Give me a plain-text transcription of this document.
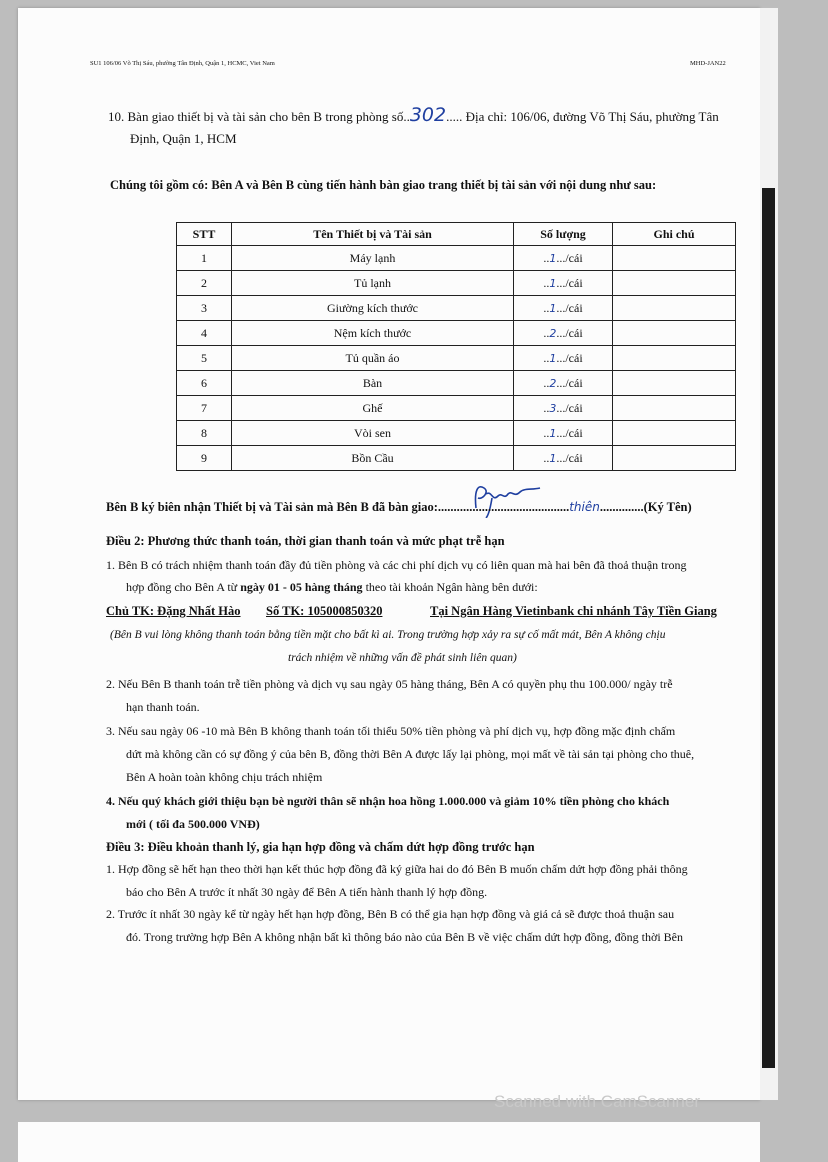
SU1 106/06 Võ Thị Sáu, phường Tân Định, Quận 1, HCMC, Viet Nam	MHD-JAN22
10. Bàn giao thiết bị và tài sản cho bên B trong phòng số..302..... Địa chỉ: 106/06, đường Võ Thị Sáu, phường Tân
Định, Quận 1, HCM
Chúng tôi gồm có: Bên A và Bên B cùng tiến hành bàn giao trang thiết bị tài sản với nội dung như sau:
STT	Tên Thiết bị và Tài sản	Số lượng	Ghi chú
1	Máy lạnh	..1.../cái	
2	Tủ lạnh	..1.../cái	
3	Giường kích thước	..1.../cái	
4	Nệm kích thước	..2.../cái	
5	Tủ quần áo	..1.../cái	
6	Bàn	..2.../cái	
7	Ghế	..3.../cái	
8	Vòi sen	..1.../cái	
9	Bồn Cầu	..1.../cái	
Bên B ký biên nhận Thiết bị và Tài sản mà Bên B đã bàn giao:..........................................thiên..............(Ký Tên)
Điều 2: Phương thức thanh toán, thời gian thanh toán và mức phạt trễ hạn
1. Bên B có trách nhiệm thanh toán đầy đủ tiền phòng và các chi phí dịch vụ có liên quan mà hai bên đã thoả thuận trong
hợp đồng cho Bên A từ ngày 01 - 05 hàng tháng theo tài khoản Ngân hàng bên dưới:
Chủ TK: Đặng Nhất Hào Số TK: 105000850320	Tại Ngân Hàng Vietinbank chi nhánh Tây Tiền Giang
(Bên B vui lòng không thanh toán bằng tiền mặt cho bất kì ai. Trong trường hợp xảy ra sự cố mất mát, Bên A không chịu
trách nhiệm về những vấn đề phát sinh liên quan)
2. Nếu Bên B thanh toán trễ tiền phòng và dịch vụ sau ngày 05 hàng tháng, Bên A có quyền phụ thu 100.000/ ngày trễ
hạn thanh toán.
3. Nếu sau ngày 06 -10 mà Bên B không thanh toán tối thiểu 50% tiền phòng và phí dịch vụ, hợp đồng mặc định chấm
dứt mà không cần có sự đồng ý của bên B, đồng thời Bên A được lấy lại phòng, mọi mất về tài sản tại phòng cho thuê,
Bên A hoàn toàn không chịu trách nhiệm
4. Nếu quý khách giới thiệu bạn bè người thân sẽ nhận hoa hồng 1.000.000 và giảm 10% tiền phòng cho khách
mới ( tối đa 500.000 VNĐ)
Điều 3: Điều khoản thanh lý, gia hạn hợp đồng và chấm dứt hợp đồng trước hạn
1. Hợp đồng sẽ hết hạn theo thời hạn kết thúc hợp đồng đã ký giữa hai do đó Bên B muốn chấm dứt hợp đồng phải thông
báo cho Bên A trước ít nhất 30 ngày để Bên A tiến hành thanh lý hợp đồng.
2. Trước ít nhất 30 ngày kể từ ngày hết hạn hợp đồng, Bên B có thể gia hạn hợp đồng và giá cả sẽ được thoả thuận sau
đó. Trong trường hợp Bên A không nhận bất kì thông báo nào của Bên B về việc chấm dứt hợp đồng, đồng thời Bên
Scanned with CamScanner
